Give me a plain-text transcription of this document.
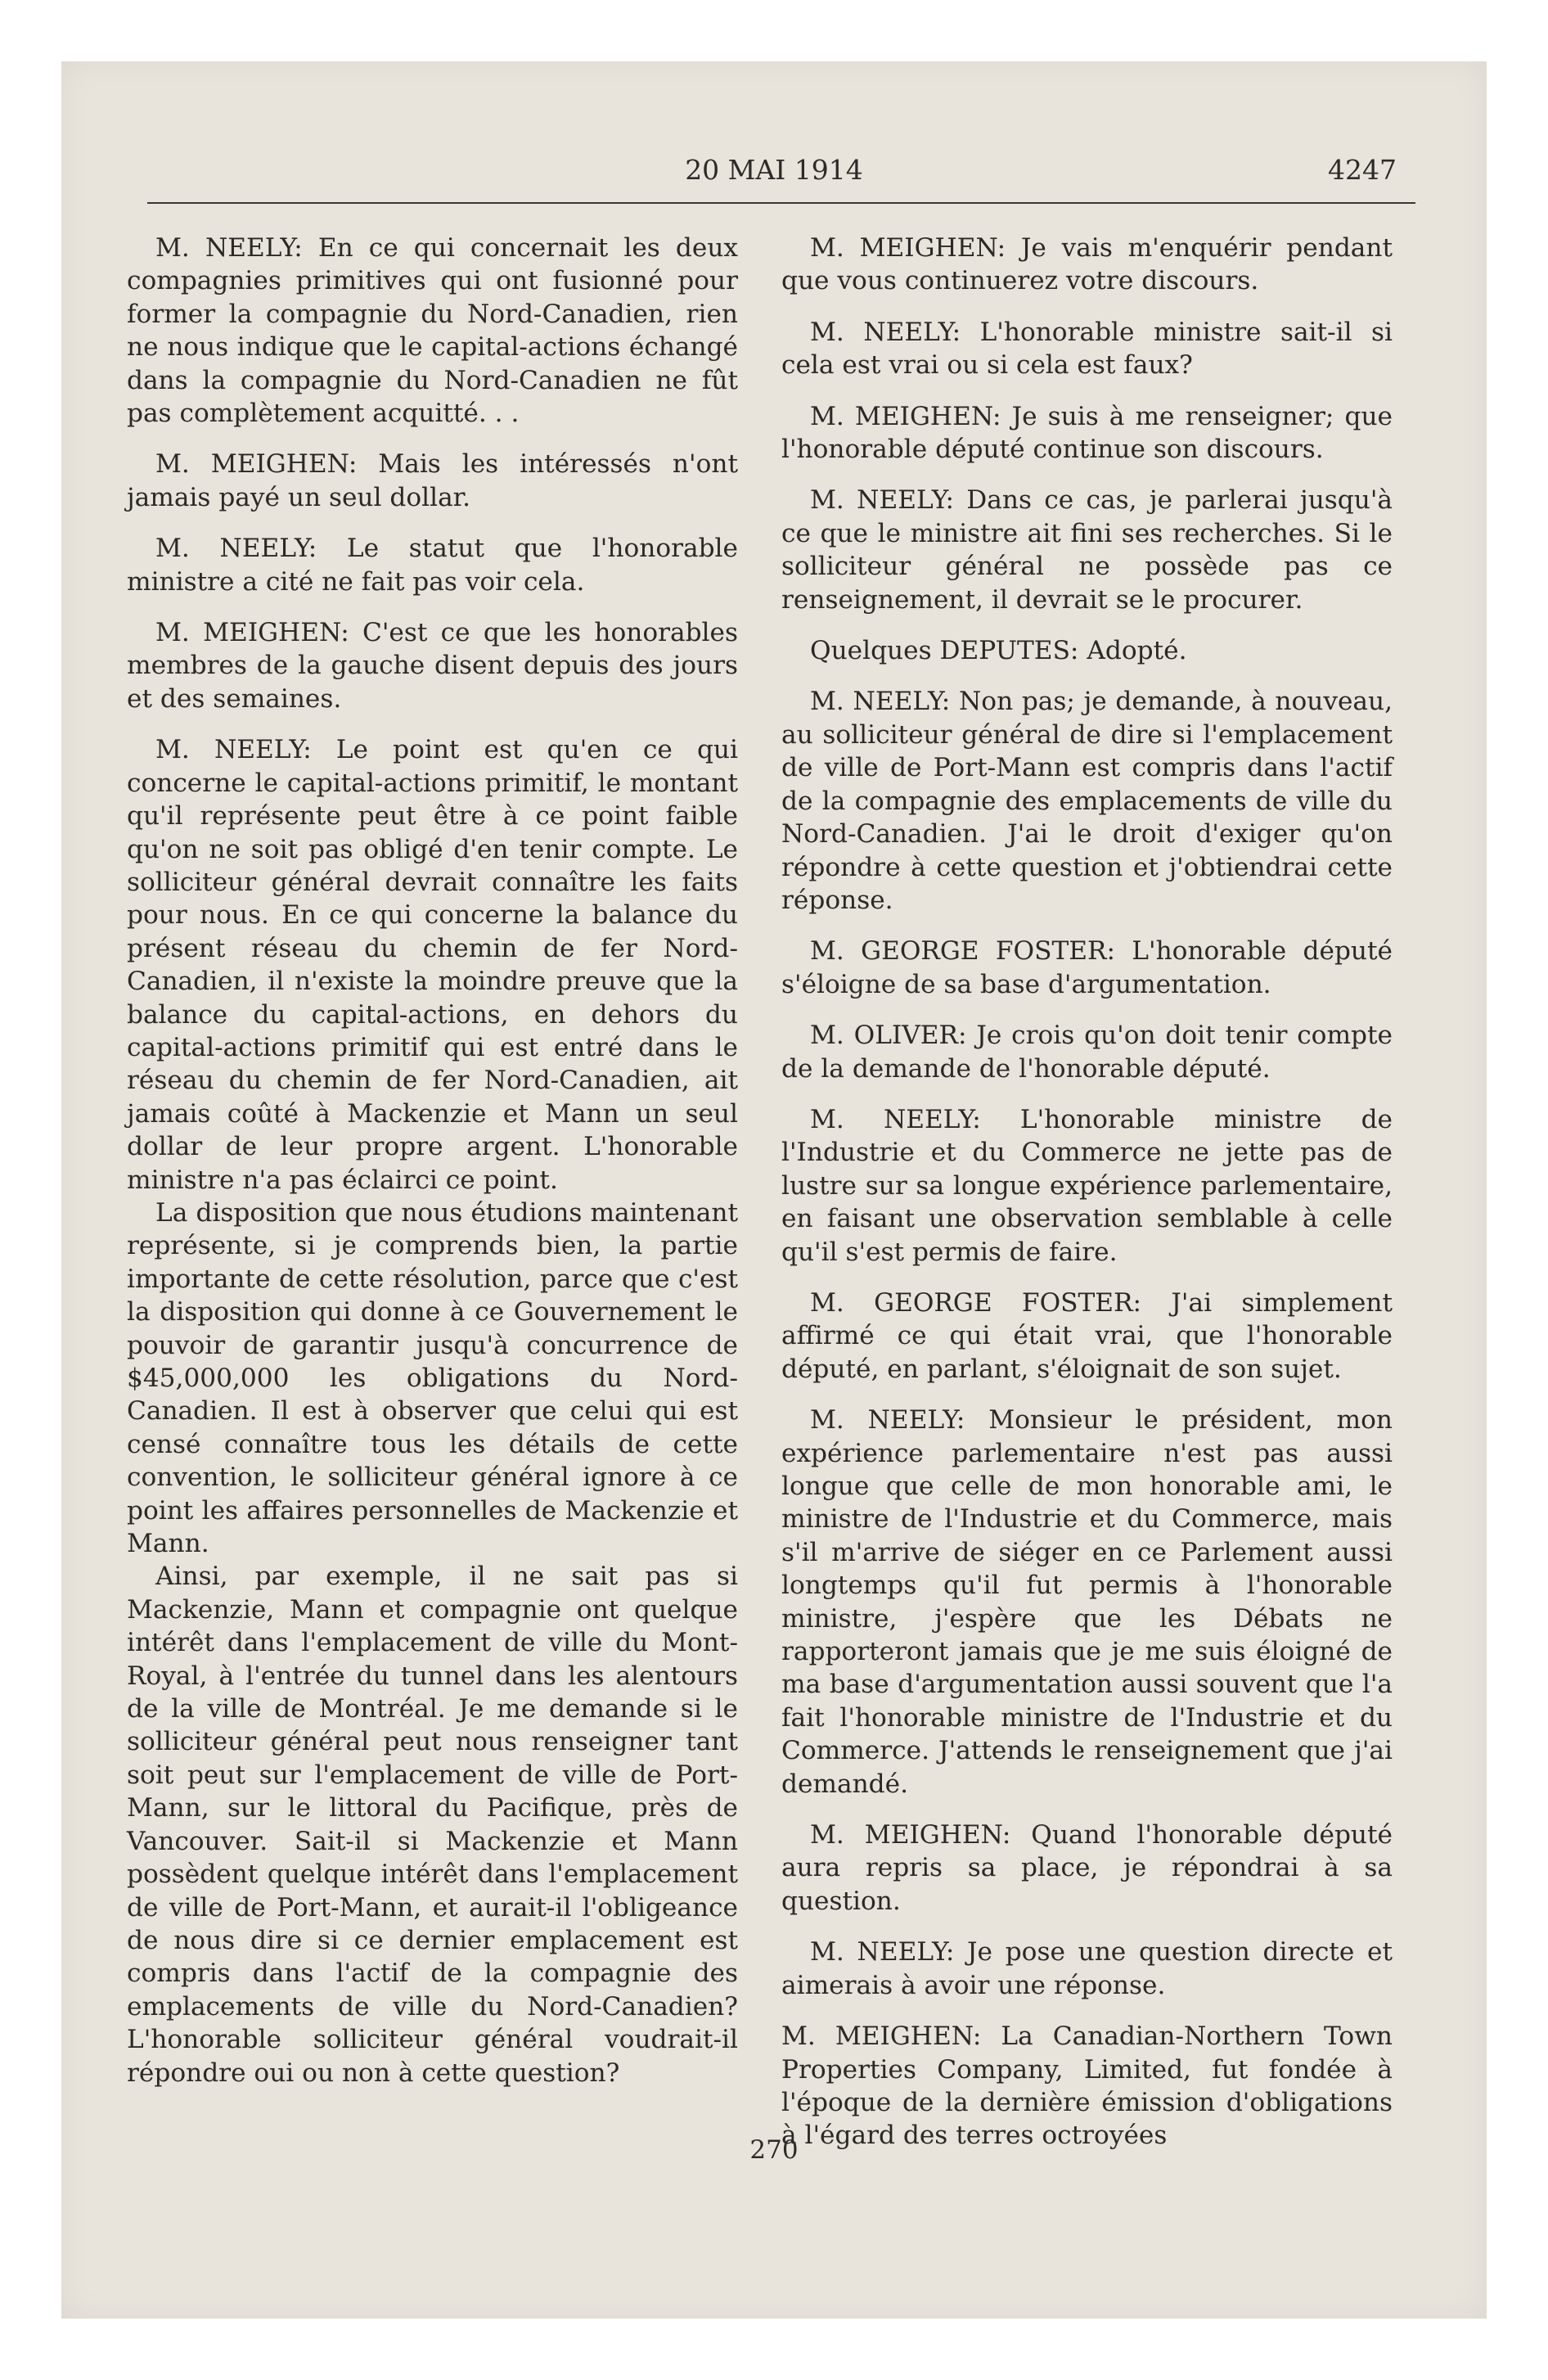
20 MAI 1914	4247

M. NEELY: En ce qui concernait les deux compagnies primitives qui ont fusionné pour former la compagnie du Nord-Canadien, rien ne nous indique que le capital-actions échangé dans la compagnie du Nord-Canadien ne fût pas complètement acquitté. . .

M. MEIGHEN: Mais les intéressés n'ont jamais payé un seul dollar.

M. NEELY: Le statut que l'honorable ministre a cité ne fait pas voir cela.

M. MEIGHEN: C'est ce que les honorables membres de la gauche disent depuis des jours et des semaines.

M. NEELY: Le point est qu'en ce qui concerne le capital-actions primitif, le montant qu'il représente peut être à ce point faible qu'on ne soit pas obligé d'en tenir compte. Le solliciteur général devrait connaître les faits pour nous. En ce qui concerne la balance du présent réseau du chemin de fer Nord-Canadien, il n'existe la moindre preuve que la balance du capital-actions, en dehors du capital-actions primitif qui est entré dans le réseau du chemin de fer Nord-Canadien, ait jamais coûté à Mackenzie et Mann un seul dollar de leur propre argent. L'honorable ministre n'a pas éclairci ce point.

La disposition que nous étudions maintenant représente, si je comprends bien, la partie importante de cette résolution, parce que c'est la disposition qui donne à ce Gouvernement le pouvoir de garantir jusqu'à concurrence de $45,000,000 les obligations du Nord-Canadien. Il est à observer que celui qui est censé connaître tous les détails de cette convention, le solliciteur général ignore à ce point les affaires personnelles de Mackenzie et Mann.

Ainsi, par exemple, il ne sait pas si Mackenzie, Mann et compagnie ont quelque intérêt dans l'emplacement de ville du Mont-Royal, à l'entrée du tunnel dans les alentours de la ville de Montréal. Je me demande si le solliciteur général peut nous renseigner tant soit peut sur l'emplacement de ville de Port-Mann, sur le littoral du Pacifique, près de Vancouver. Sait-il si Mackenzie et Mann possèdent quelque intérêt dans l'emplacement de ville de Port-Mann, et aurait-il l'obligeance de nous dire si ce dernier emplacement est compris dans l'actif de la compagnie des emplacements de ville du Nord-Canadien? L'honorable solliciteur général voudrait-il répondre oui ou non à cette question?

M. MEIGHEN: Je vais m'enquérir pendant que vous continuerez votre discours.

M. NEELY: L'honorable ministre sait-il si cela est vrai ou si cela est faux?

M. MEIGHEN: Je suis à me renseigner; que l'honorable député continue son discours.

M. NEELY: Dans ce cas, je parlerai jusqu'à ce que le ministre ait fini ses recherches. Si le solliciteur général ne possède pas ce renseignement, il devrait se le procurer.

Quelques DEPUTES: Adopté.

M. NEELY: Non pas; je demande, à nouveau, au solliciteur général de dire si l'emplacement de ville de Port-Mann est compris dans l'actif de la compagnie des emplacements de ville du Nord-Canadien. J'ai le droit d'exiger qu'on répondre à cette question et j'obtiendrai cette réponse.

M. GEORGE FOSTER: L'honorable député s'éloigne de sa base d'argumentation.

M. OLIVER: Je crois qu'on doit tenir compte de la demande de l'honorable député.

M. NEELY: L'honorable ministre de l'Industrie et du Commerce ne jette pas de lustre sur sa longue expérience parlementaire, en faisant une observation semblable à celle qu'il s'est permis de faire.

M. GEORGE FOSTER: J'ai simplement affirmé ce qui était vrai, que l'honorable député, en parlant, s'éloignait de son sujet.

M. NEELY: Monsieur le président, mon expérience parlementaire n'est pas aussi longue que celle de mon honorable ami, le ministre de l'Industrie et du Commerce, mais s'il m'arrive de siéger en ce Parlement aussi longtemps qu'il fut permis à l'honorable ministre, j'espère que les Débats ne rapporteront jamais que je me suis éloigné de ma base d'argumentation aussi souvent que l'a fait l'honorable ministre de l'Industrie et du Commerce. J'attends le renseignement que j'ai demandé.

M. MEIGHEN: Quand l'honorable député aura repris sa place, je répondrai à sa question.

M. NEELY: Je pose une question directe et aimerais à avoir une réponse.

M. MEIGHEN: La Canadian-Northern Town Properties Company, Limited, fut fondée à l'époque de la dernière émission d'obligations à l'égard des terres octroyées

270
